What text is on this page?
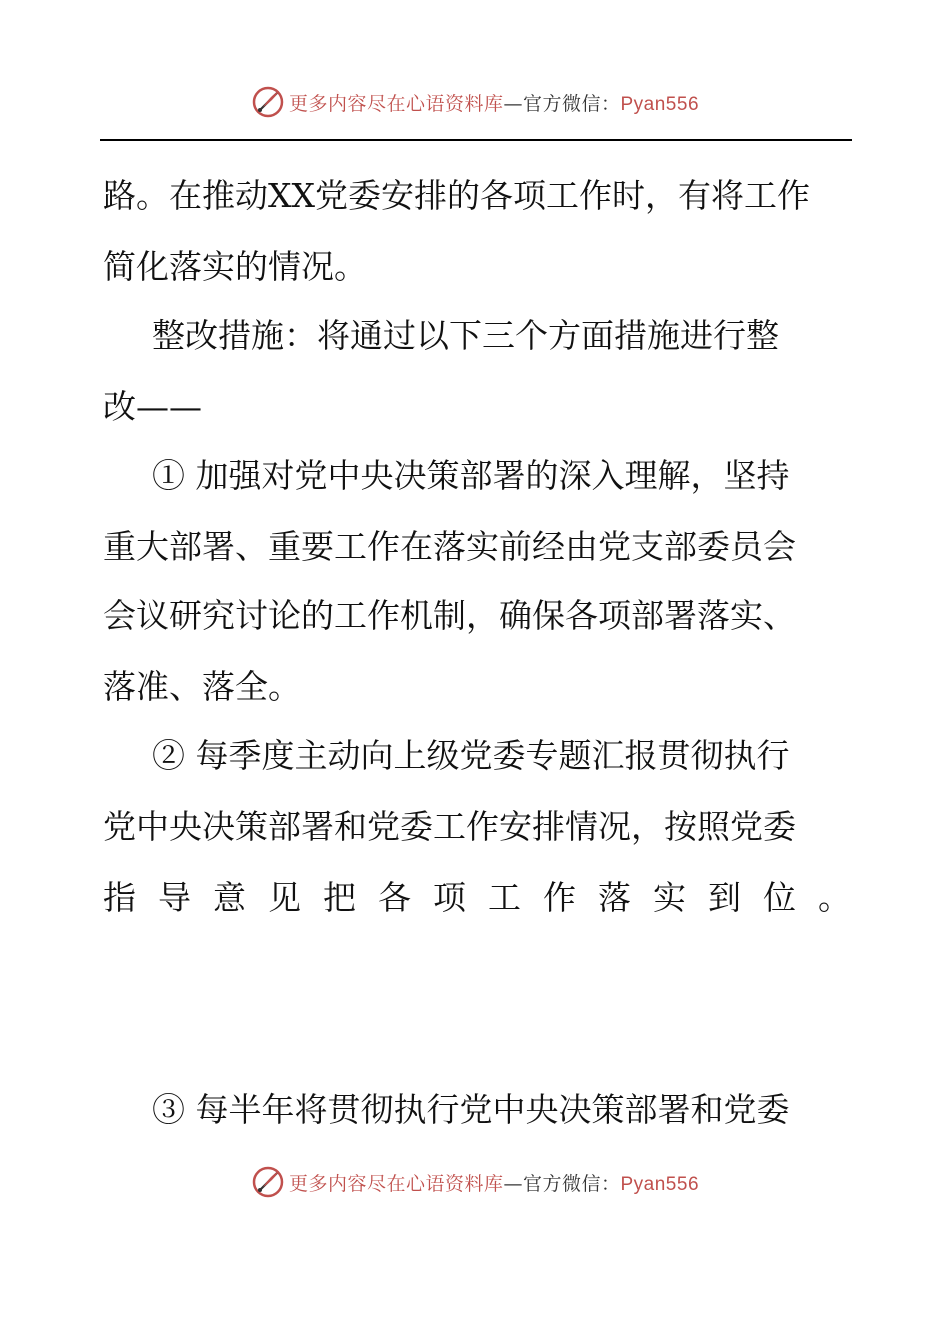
更多内容尽在心语资料库—官方微信：Pyan556
路。在推动XX党委安排的各项工作时，有将工作
简化落实的情况。
整改措施：将通过以下三个方面措施进行整
改——
① 加强对党中央决策部署的深入理解，坚持
重大部署、重要工作在落实前经由党支部委员会
会议研究讨论的工作机制，确保各项部署落实、
落准、落全。
② 每季度主动向上级党委专题汇报贯彻执行
党中央决策部署和党委工作安排情况，按照党委
指 导 意 见 把 各 项 工 作 落 实 到 位 。
③ 每半年将贯彻执行党中央决策部署和党委
更多内容尽在心语资料库—官方微信：Pyan556
